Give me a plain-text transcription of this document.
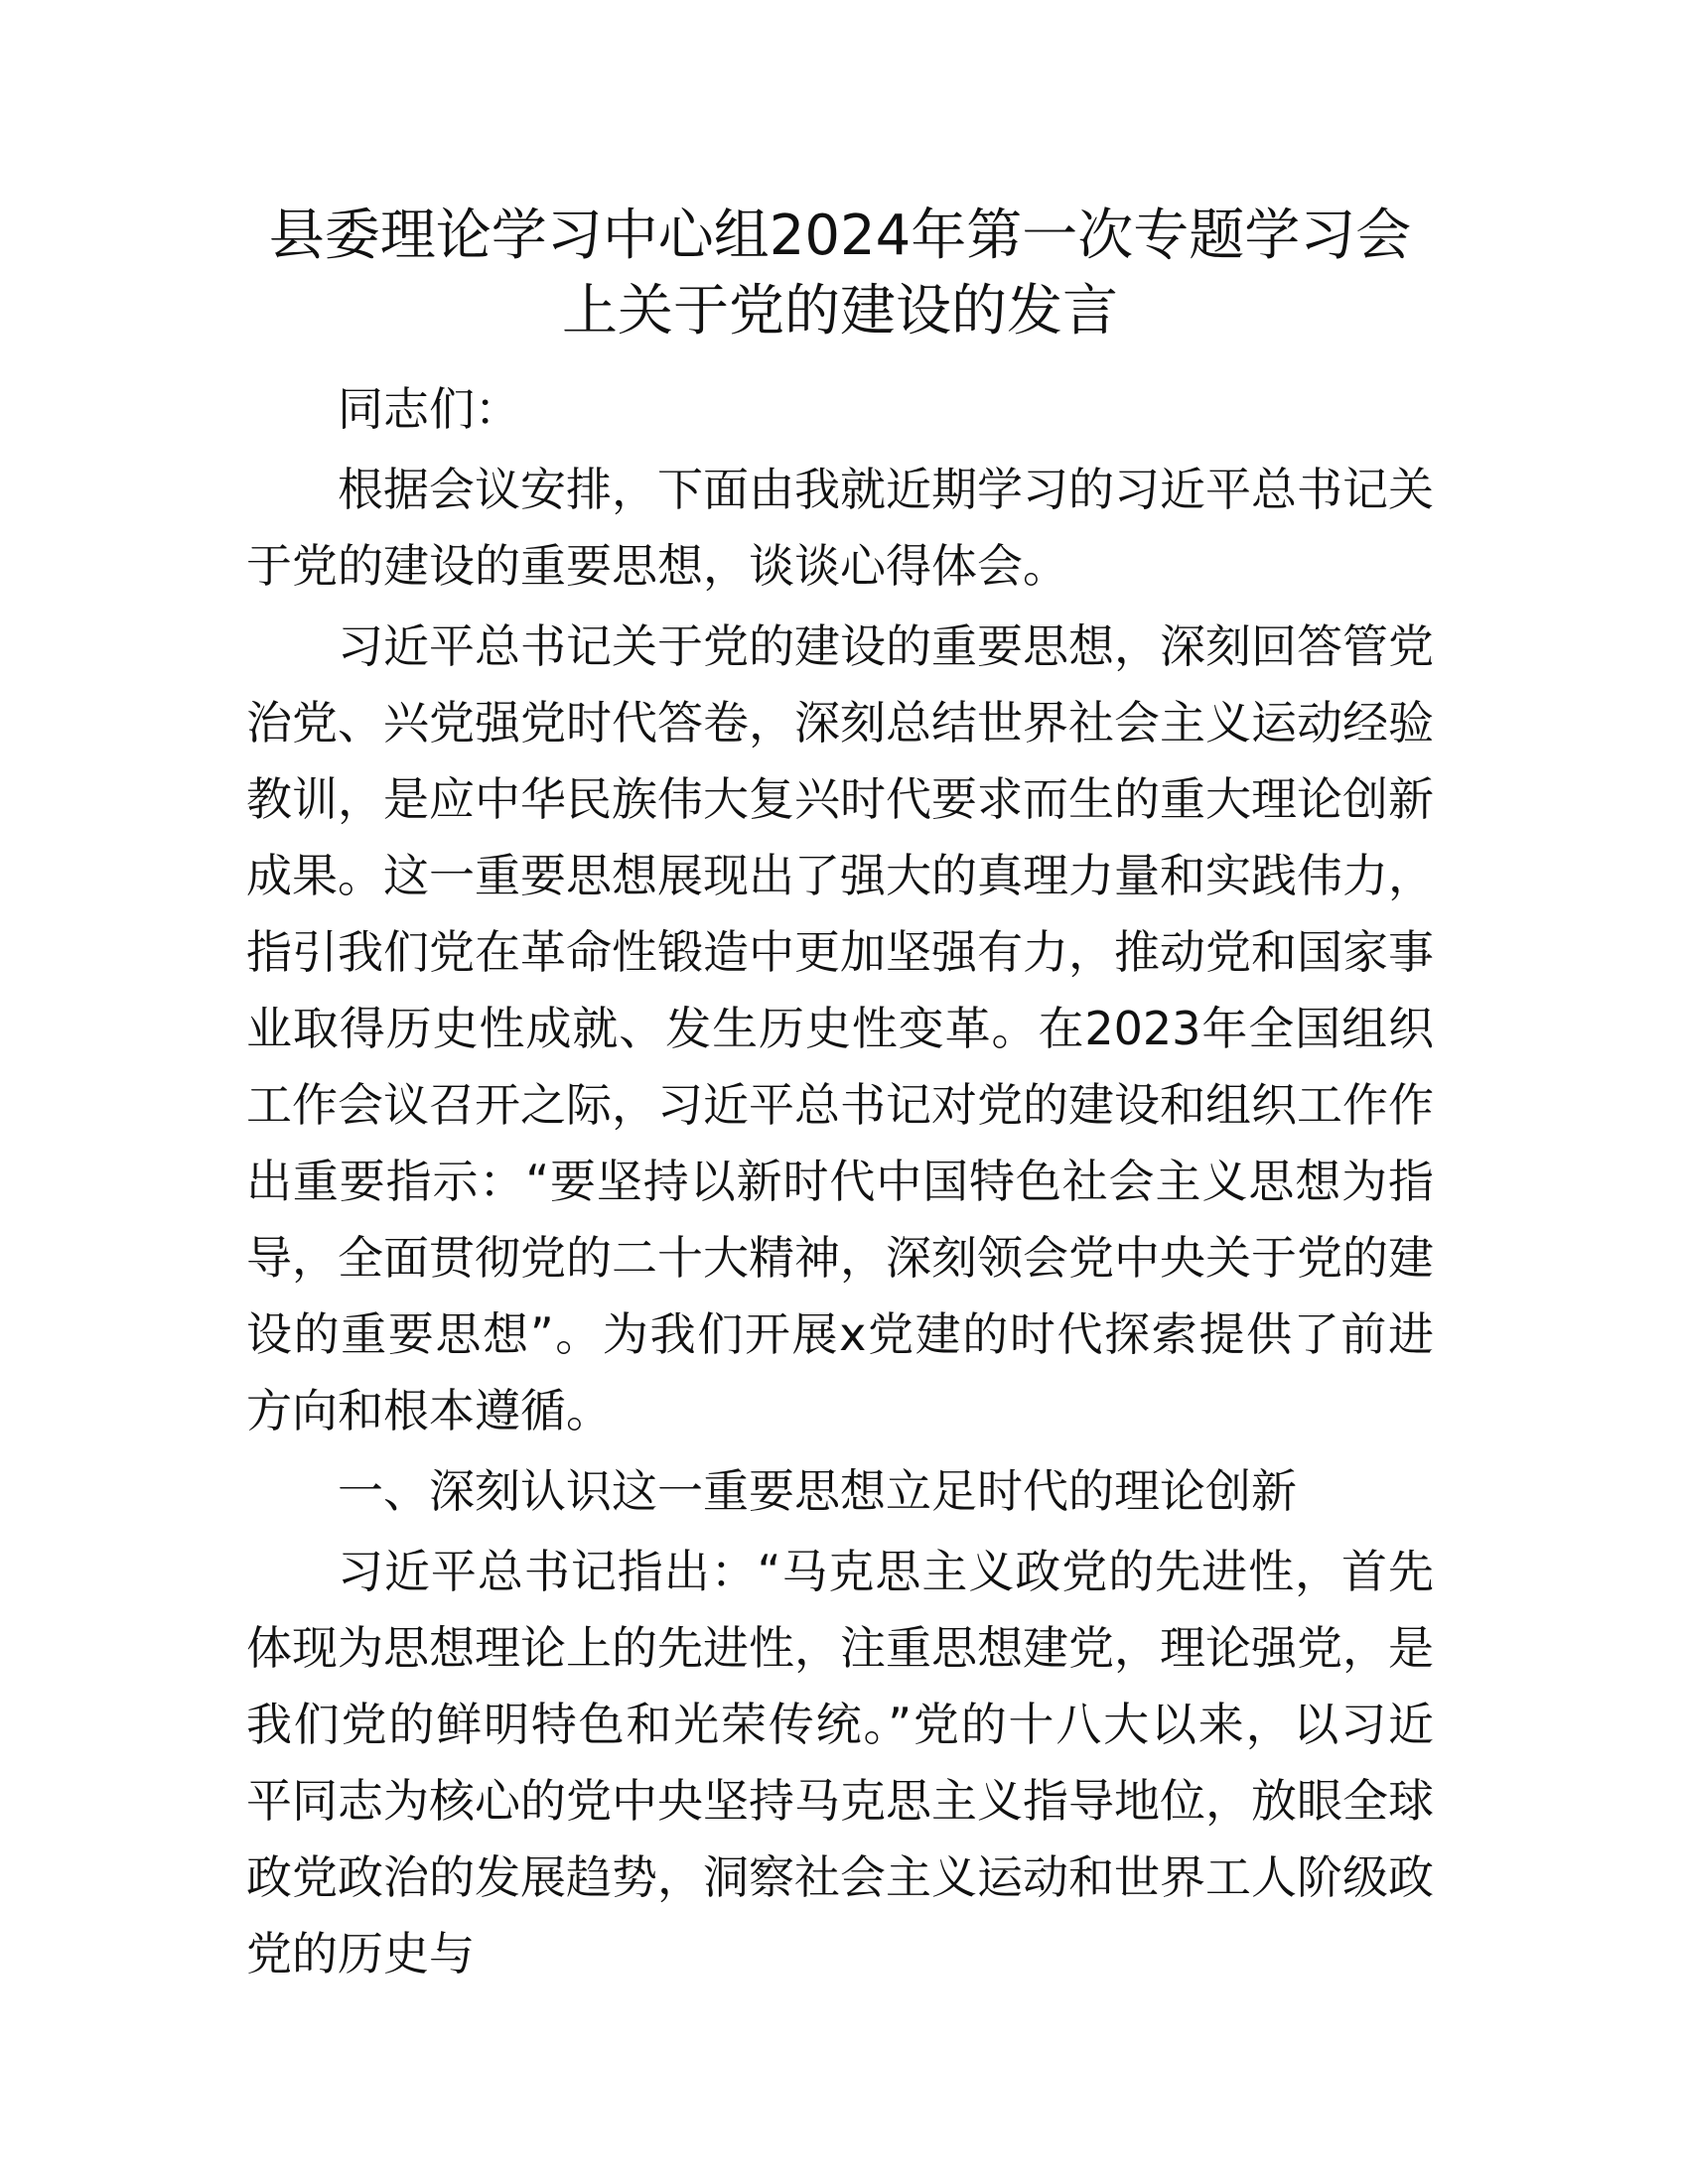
县委理论学习中心组2024年第一次专题学习会
上关于党的建设的发言

同志们：

根据会议安排，下面由我就近期学习的习近平总书记关于党的建设的重要思想，谈谈心得体会。

习近平总书记关于党的建设的重要思想，深刻回答管党治党、兴党强党时代答卷，深刻总结世界社会主义运动经验教训，是应中华民族伟大复兴时代要求而生的重大理论创新成果。这一重要思想展现出了强大的真理力量和实践伟力，指引我们党在革命性锻造中更加坚强有力，推动党和国家事业取得历史性成就、发生历史性变革。在2023年全国组织工作会议召开之际，习近平总书记对党的建设和组织工作作出重要指示：“要坚持以新时代中国特色社会主义思想为指导，全面贯彻党的二十大精神，深刻领会党中央关于党的建设的重要思想”。为我们开展x党建的时代探索提供了前进方向和根本遵循。

一、深刻认识这一重要思想立足时代的理论创新

习近平总书记指出：“马克思主义政党的先进性，首先体现为思想理论上的先进性，注重思想建党，理论强党，是我们党的鲜明特色和光荣传统。”党的十八大以来，以习近平同志为核心的党中央坚持马克思主义指导地位，放眼全球政党政治的发展趋势，洞察社会主义运动和世界工人阶级政党的历史与
